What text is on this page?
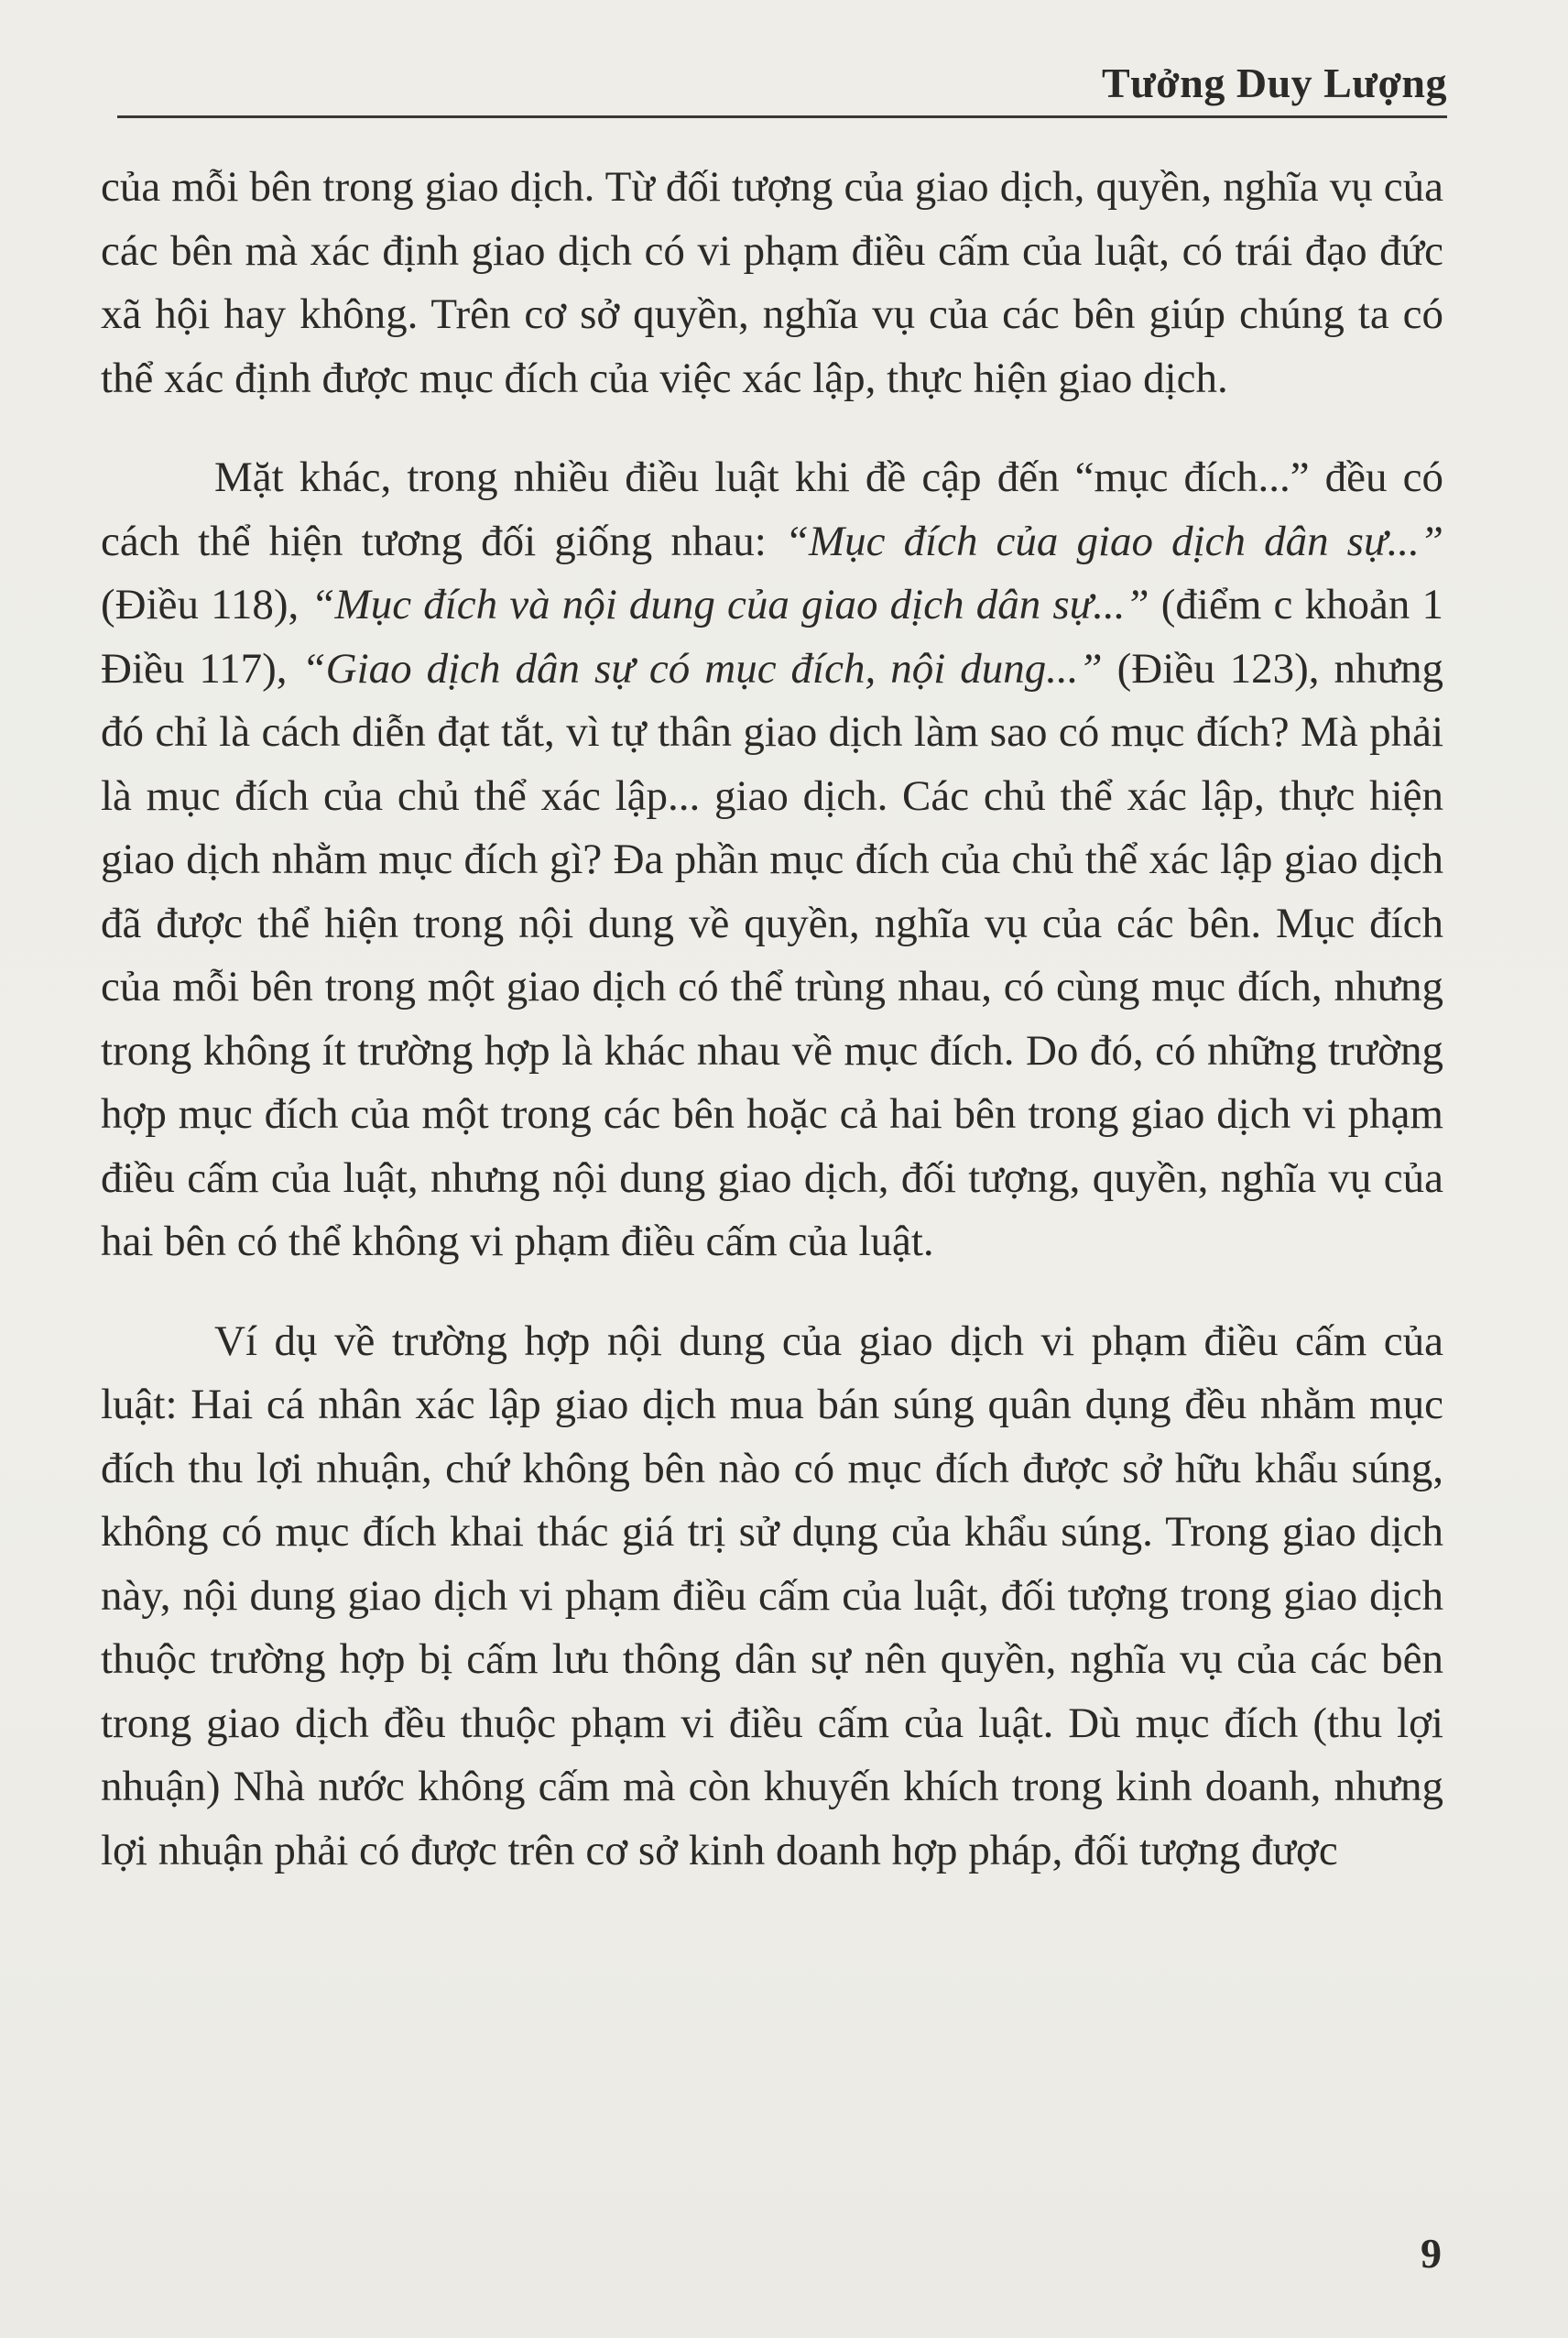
Tưởng Duy Lượng

của mỗi bên trong giao dịch. Từ đối tượng của giao dịch, quyền, nghĩa vụ của các bên mà xác định giao dịch có vi phạm điều cấm của luật, có trái đạo đức xã hội hay không. Trên cơ sở quyền, nghĩa vụ của các bên giúp chúng ta có thể xác định được mục đích của việc xác lập, thực hiện giao dịch.

Mặt khác, trong nhiều điều luật khi đề cập đến “mục đích...” đều có cách thể hiện tương đối giống nhau: “Mục đích của giao dịch dân sự...” (Điều 118), “Mục đích và nội dung của giao dịch dân sự...” (điểm c khoản 1 Điều 117), “Giao dịch dân sự có mục đích, nội dung...” (Điều 123), nhưng đó chỉ là cách diễn đạt tắt, vì tự thân giao dịch làm sao có mục đích? Mà phải là mục đích của chủ thể xác lập... giao dịch. Các chủ thể xác lập, thực hiện giao dịch nhằm mục đích gì? Đa phần mục đích của chủ thể xác lập giao dịch đã được thể hiện trong nội dung về quyền, nghĩa vụ của các bên. Mục đích của mỗi bên trong một giao dịch có thể trùng nhau, có cùng mục đích, nhưng trong không ít trường hợp là khác nhau về mục đích. Do đó, có những trường hợp mục đích của một trong các bên hoặc cả hai bên trong giao dịch vi phạm điều cấm của luật, nhưng nội dung giao dịch, đối tượng, quyền, nghĩa vụ của hai bên có thể không vi phạm điều cấm của luật.

Ví dụ về trường hợp nội dung của giao dịch vi phạm điều cấm của luật: Hai cá nhân xác lập giao dịch mua bán súng quân dụng đều nhằm mục đích thu lợi nhuận, chứ không bên nào có mục đích được sở hữu khẩu súng, không có mục đích khai thác giá trị sử dụng của khẩu súng. Trong giao dịch này, nội dung giao dịch vi phạm điều cấm của luật, đối tượng trong giao dịch thuộc trường hợp bị cấm lưu thông dân sự nên quyền, nghĩa vụ của các bên trong giao dịch đều thuộc phạm vi điều cấm của luật. Dù mục đích (thu lợi nhuận) Nhà nước không cấm mà còn khuyến khích trong kinh doanh, nhưng lợi nhuận phải có được trên cơ sở kinh doanh hợp pháp, đối tượng được

9
